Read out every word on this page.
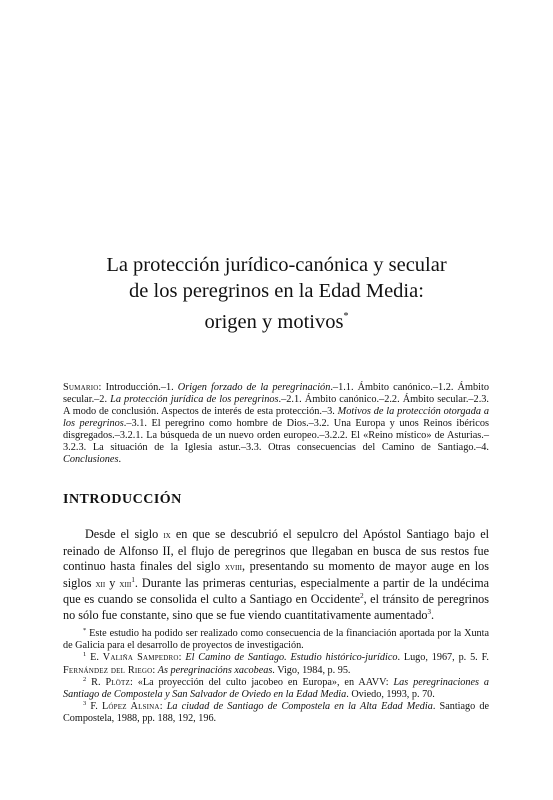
La protección jurídico-canónica y secular
de los peregrinos en la Edad Media:
origen y motivos*

Sumario: Introducción.–1. Origen forzado de la peregrinación.–1.1. Ámbito canónico.–1.2. Ámbito secular.–2. La protección jurídica de los peregrinos.–2.1. Ámbito canónico.–2.2. Ámbito secular.–2.3. A modo de conclusión. Aspectos de interés de esta protección.–3. Motivos de la protección otorgada a los peregrinos.–3.1. El peregrino como hombre de Dios.–3.2. Una Europa y unos Reinos ibéricos disgregados.–3.2.1. La búsqueda de un nuevo orden europeo.–3.2.2. El «Reino místico» de Asturias.–3.2.3. La situación de la Iglesia astur.–3.3. Otras consecuencias del Camino de Santiago.–4. Conclusiones.

INTRODUCCIÓN

Desde el siglo ix en que se descubrió el sepulcro del Apóstol Santiago bajo el reinado de Alfonso II, el flujo de peregrinos que llegaban en busca de sus restos fue continuo hasta finales del siglo xviii, presentando su momento de mayor auge en los siglos xii y xiii$^1$. Durante las primeras centurias, especialmente a partir de la undécima que es cuando se consolida el culto a Santiago en Occidente$^2$, el tránsito de peregrinos no sólo fue constante, sino que se fue viendo cuantitativamente aumentado$^3$.

* Este estudio ha podido ser realizado como consecuencia de la financiación aportada por la Xunta de Galicia para el desarrollo de proyectos de investigación.

$^1$ E. Valiña Sampedro: El Camino de Santiago. Estudio histórico-jurídico. Lugo, 1967, p. 5. F. Fernández del Riego: As peregrinacións xacobeas. Vigo, 1984, p. 95.

$^2$ R. Plötz: «La proyección del culto jacobeo en Europa», en AAVV: Las peregrinaciones a Santiago de Compostela y San Salvador de Oviedo en la Edad Media. Oviedo, 1993, p. 70.

$^3$ F. López Alsina: La ciudad de Santiago de Compostela en la Alta Edad Media. Santiago de Compostela, 1988, pp. 188, 192, 196.
